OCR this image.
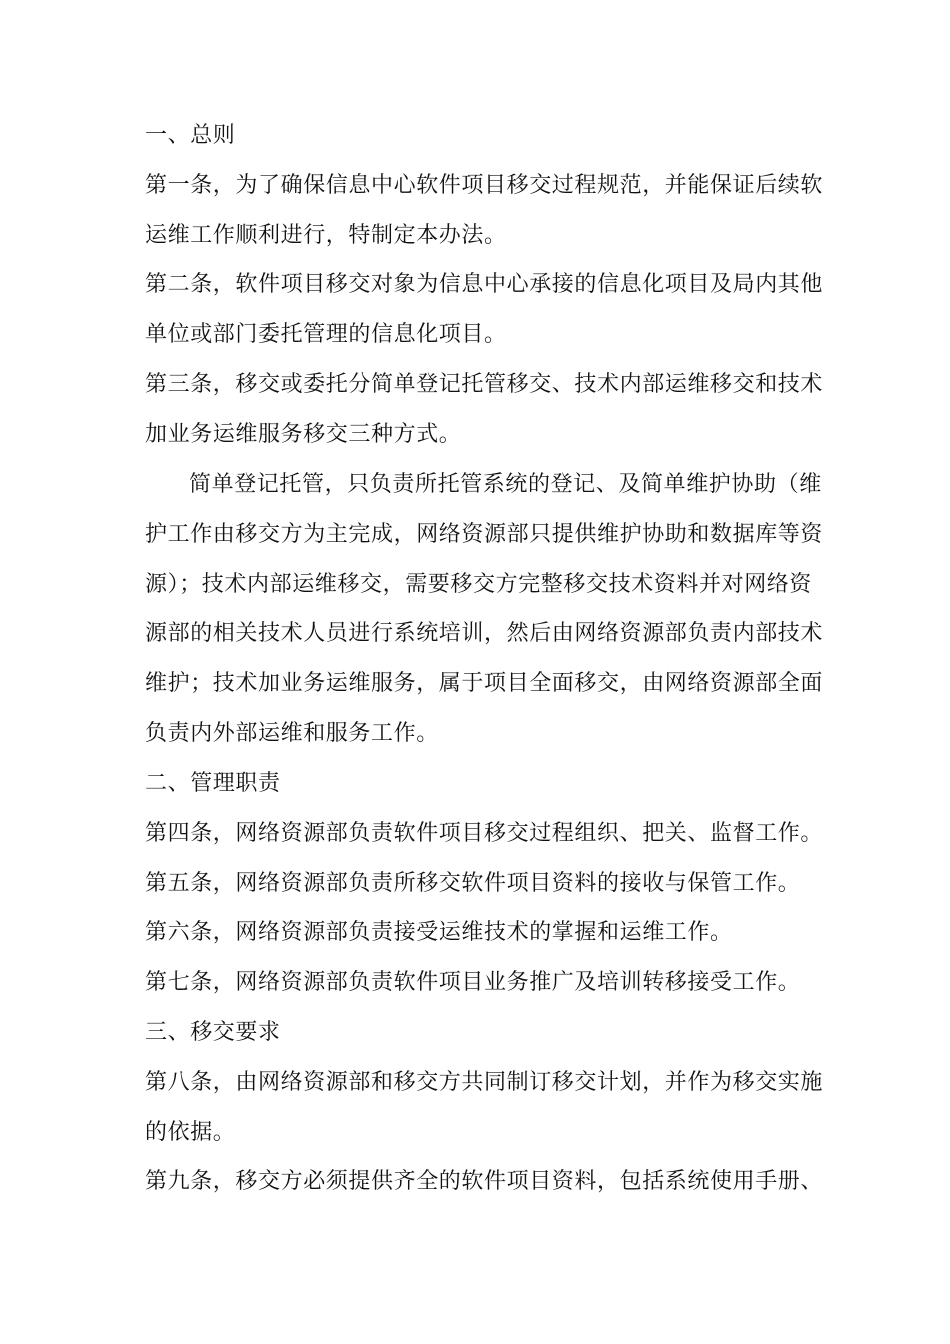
一、总则
第一条，为了确保信息中心软件项目移交过程规范，并能保证后续软
运维工作顺利进行，特制定本办法。
第二条，软件项目移交对象为信息中心承接的信息化项目及局内其他
单位或部门委托管理的信息化项目。
第三条，移交或委托分简单登记托管移交、技术内部运维移交和技术
加业务运维服务移交三种方式。
简单登记托管，只负责所托管系统的登记、及简单维护协助（维
护工作由移交方为主完成，网络资源部只提供维护协助和数据库等资
源）；技术内部运维移交，需要移交方完整移交技术资料并对网络资
源部的相关技术人员进行系统培训，然后由网络资源部负责内部技术
维护；技术加业务运维服务，属于项目全面移交，由网络资源部全面
负责内外部运维和服务工作。
二、管理职责
第四条，网络资源部负责软件项目移交过程组织、把关、监督工作。
第五条，网络资源部负责所移交软件项目资料的接收与保管工作。
第六条，网络资源部负责接受运维技术的掌握和运维工作。
第七条，网络资源部负责软件项目业务推广及培训转移接受工作。
三、移交要求
第八条，由网络资源部和移交方共同制订移交计划，并作为移交实施
的依据。
第九条，移交方必须提供齐全的软件项目资料，包括系统使用手册、
